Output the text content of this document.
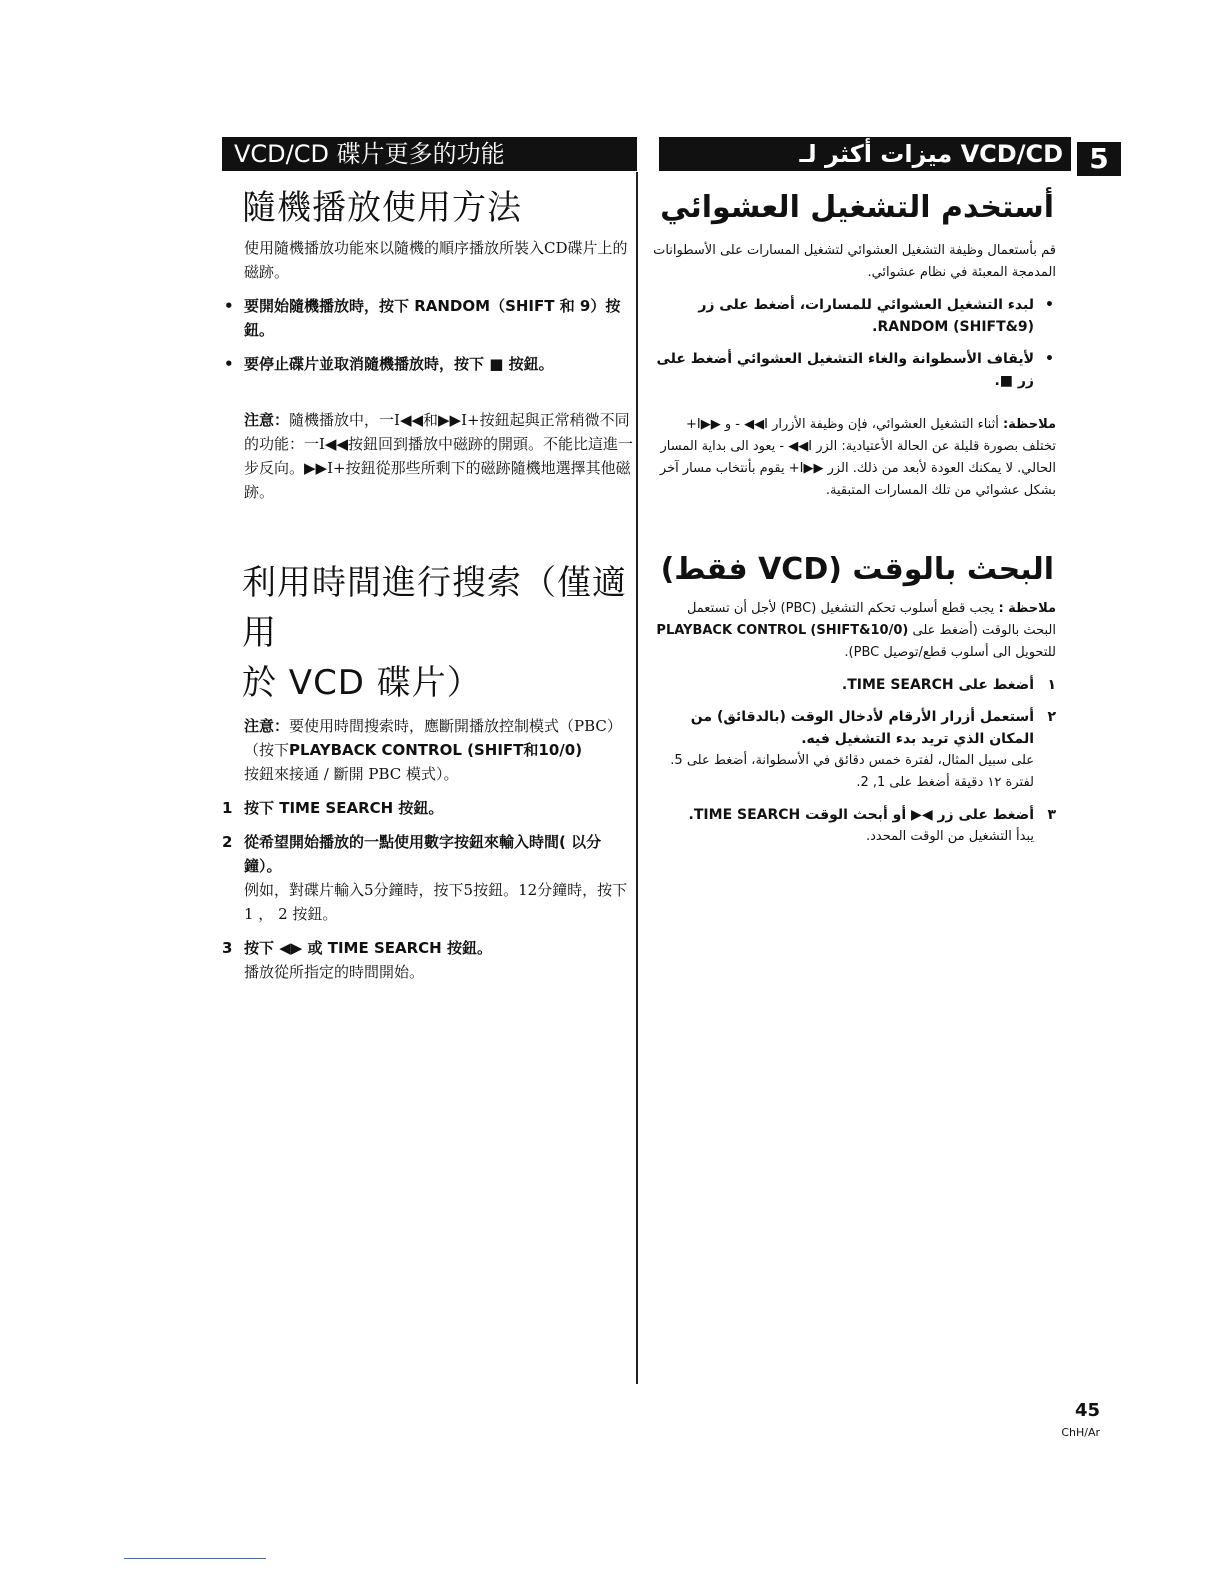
VCD/CD 碟片更多的功能	ميزات أكثر لـ VCD/CD 5
隨機播放使用方法

使用隨機播放功能來以隨機的順序播放所裝入CD碟片上的磁跡。

• 要開始隨機播放時，按下 RANDOM（SHIFT 和 9）按鈕。
• 要停止碟片並取消隨機播放時，按下 ■ 按鈕。

注意：隨機播放中，一I◀◀和▶▶I+按鈕起與正常稍微不同的功能：一I◀◀按鈕回到播放中磁跡的開頭。不能比這進一步反向。▶▶I+按鈕從那些所剩下的磁跡隨機地選擇其他磁跡。

利用時間進行搜索（僅適用
於 VCD 碟片）

注意：要使用時間搜索時，應斷開播放控制模式（PBC）（按下PLAYBACK CONTROL (SHIFT和10/0)
按鈕來接通 / 斷開 PBC 模式）。

1 按下 TIME SEARCH 按鈕。
2 從希望開始播放的一點使用數字按鈕來輸入時間( 以分鐘）。

例如，對碟片輸入5分鐘時，按下5按鈕。12分鐘時，按下1 ， 2 按鈕。

3 按下 ◀▶ 或 TIME SEARCH 按鈕。

播放從所指定的時間開始。

أستخدم التشغيل العشوائي

قم بأستعمال وظيفة التشغيل العشوائي لتشغيل المسارات على الأسطوانات المدمجة المعبئة في نظام عشوائي.

•
لبدء التشغيل العشوائي للمسارات، أضغط على زر RANDOM (SHIFT&9).
•
لأيقاف الأسطوانة والغاء التشغيل العشوائي أضغط على زر ■.

ملاحظة: أثناء التشغيل العشوائي، فإن وظيفة الأزرار I◀◀ - و ▶▶I+ تختلف بصورة قليلة عن الحالة الأعتيادية: الزر I◀◀ - يعود الى بداية المسار الحالي. لا يمكنك العودة لأبعد من ذلك. الزر ▶▶I+ يقوم بأنتخاب مسار آخر بشكل عشوائي من تلك المسارات المتبقية.

البحث بالوقت (VCD فقط)

ملاحظة : يجب قطع أسلوب تحكم التشغيل (PBC) لأجل أن تستعمل البحث بالوقت (أضغط على PLAYBACK CONTROL (SHIFT&10/0) للتحويل الى أسلوب قطع/توصيل PBC).

١
أضغط على TIME SEARCH.
٢
أستعمل أزرار الأرقام لأدخال الوقت (بالدقائق) من المكان الذي تريد بدء التشغيل فيه.

على سبيل المثال، لفترة خمس دقائق في الأسطوانة، أضغط على 5. لفترة ١٢ دقيقة أضغط على 1, 2.

٣
أضغط على زر ◀▶ أو أبحث الوقت TIME SEARCH.

يبدأ التشغيل من الوقت المحدد.

45
ChH/Ar
